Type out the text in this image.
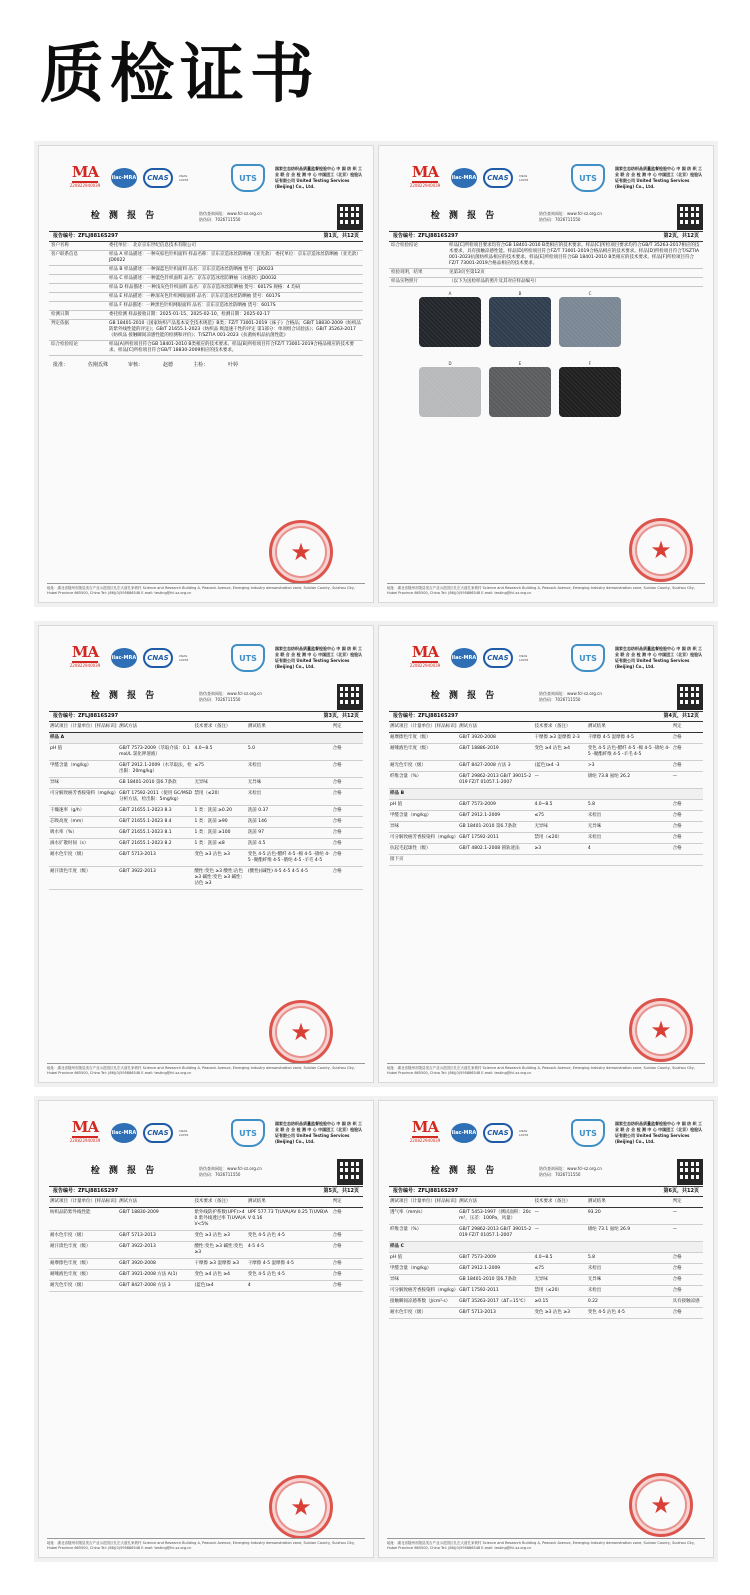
质检证书
MA
220822940039
ilac-MRA	CNAS	CNAS L0076	UTS
国家生态纺织品质量监督检验中心 中 国 纺 织 工 业 联 合 会 检 测 中 心 中国团工（北京）检验认证有限公司 United Testing Services (Beijing) Co., Ltd.
检 测 报 告	防伪查询网址：www.fcl-sz.org.cn
防伪码：7026711550
报告编号：ZFLJ8816S297	第1页，共12页
客户名称	委托单位： 北京京东世纪信息技术有限公司
客户联系信息	样品 A 样品描述：一种灰棕色针织面料 样品名称：京东京造冰丝防晒袖（亚光款） 委托单位：京东京造冰丝防晒袖（亚光款）JD0022
	样品 B 样品描述：一种深蓝色针织面料 品名：京东京造冰丝防晒袖 型号：JD0023
	样品 C 样品描述：一种蓝色针织面料 品名：京东京造冰丝防晒袖（冰感款）JD0032
	样品 D 样品描述：一种浅灰色针织面料 品名：京东京造冰丝防晒袖 货号：6017S 规格：4 均码
	样品 E 样品描述：一种深灰色针织网眼面料 品名：京东京造冰丝防晒袖 货号：6017S
	样品 F 样品描述：一种黑色针织网眼面料 品名：京东京造冰丝防晒袖 货号：6017S
检测日期	委托检测 样品接收日期：2025-01-15、2025-02-10，检测日期：2025-02-17
判定依据	GB 18401-2010《国家纺织产品基本安全技术规范》B类；FZ/T 73001-2019《袜子》合格品；GB/T 18830-2009《纺织品 防紫外线性能的评定》；GB/T 21655.1-2023《纺织品 吸湿速干性的评定 第1部分：单项组合试验法》；GB/T 35263-2017《纺织品 接触瞬间凉感性能的检测和评价》；T/SZTIA 001-2023《抗菌纺织品抗菌性能》
综合检验结论	样品[A]所检项目符合GB 18401-2010 B类相应的技术要求。样品[B]所检项目符合FZ/T 73001-2019合格品相应的技术要求。样品[C]所检项目符合GB/T 18830-2009相应的技术要求。
批准：	佐刚氐殊	审核：	赵德	主检：	叶婷
★
地址：湖北省随州市随县美吉产业示范园区孔庄大道孔家坡村 Science and Research Building A, Peacock Avenue, Emerging Industry demonstration zone, Suixian County, Suizhou City, Hubei Province 665500, China Tel: (86)(0)595886548 E-mail: testing@fcl-sz.org.cn
MA
220822940039
ilac-MRA	CNAS	CNAS L0076	UTS
国家生态纺织品质量监督检验中心 中 国 纺 织 工 业 联 合 会 检 测 中 心 中国团工（北京）检验认证有限公司 United Testing Services (Beijing) Co., Ltd.
检 测 报 告	防伪查询网址：www.fcl-sz.org.cn
防伪码：7026711550
报告编号：ZFLJ8816S297	第2页，共12页
综合检验结论	样品[C]所检项目要求均符合GB 18401-2010 B类相应的技术要求。样品[C]所检项目要求均符合GB/T 35263-2017相应的技术要求，具有接触凉感性能。样品[D]所检项目符合FZ/T 73001-2019合格品相应的技术要求。样品[D]所检项目符合T/SZTIA 001-2023抗菌纺织品相应的技术要求。样品[E]所检项目符合GB 18401-2010 B类相应的技术要求。样品[F]所检项目符合FZ/T 73001-2019合格品相应的技术要求。
检验说明，结果	见第3页至第12页
样品实物照片	（以下为送检样品的照片及其对应样品编号）
A	B	C
D	E	F
★
地址：湖北省随州市随县美吉产业示范园区孔庄大道孔家坡村 Science and Research Building A, Peacock Avenue, Emerging Industry demonstration zone, Suixian County, Suizhou City, Hubei Province 665500, China Tel: (86)(0)595886548 E-mail: testing@fcl-sz.org.cn
MA
220822940039
ilac-MRA	CNAS	CNAS L0076	UTS
国家生态纺织品质量监督检验中心 中 国 纺 织 工 业 联 合 会 检 测 中 心 中国团工（北京）检验认证有限公司 United Testing Services (Beijing) Co., Ltd.
检 测 报 告	防伪查询网址：www.fcl-sz.org.cn
防伪码：7026711550
报告编号：ZFLJ8816S297	第3页，共12页
测试项目（计量单位）[样品标识]	测试方法	技术要求（备注）	测试结果	判定
样品 A				
pH 值	GB/T 7573-2009（萃取介质：0.1mol/L 氯化钾溶液）	4.0~8.5	5.0	合格
甲醛含量（mg/kg）	GB/T 2912.1-2009（水萃取法，检出限：20mg/kg）	≤75	未检出	合格
异味	GB 18401-2010 第6.7条款	无异味	无异味	合格
可分解致癌芳香胺染料（mg/kg）	GB/T 17592-2011（使用 GC/MSD 分析方法，检出限：5mg/kg）	禁用（≤20）	未检出	合格
干燥速率（g/h）	GB/T 21655.1-2023 8.3	1 类：洗前 ≥0.20	洗前 0.37	合格
芯吸高度（mm）	GB/T 21655.1-2023 8.4	1 类：洗前 ≥90	洗前 146	合格
吸水率（%）	GB/T 21655.1-2023 8.1	1 类：洗前 ≥100	洗前 97	合格
滴水扩散时间（s）	GB/T 21655.1-2023 8.2	1 类：洗前 ≤8	洗前 4.5	合格
耐水色牢度（级）	GB/T 5713-2013	变色 ≥3 沾色 ≥3	变色 4-5 沾色-醋纤 4-5 -棉 4-5 -锦纶 4-5 -聚酯纤维 4-5 -腈纶 4-5 -羊毛 4-5	合格
耐汗渍色牢度（级）	GB/T 3922-2013	酸性:变色 ≥3 酸性:沾色 ≥3 碱性:变色 ≥3 碱性:沾色 ≥3	(酸性)(碱性) 4-5 4-5 4-5 4-5	合格
★
地址：湖北省随州市随县美吉产业示范园区孔庄大道孔家坡村 Science and Research Building A, Peacock Avenue, Emerging Industry demonstration zone, Suixian County, Suizhou City, Hubei Province 665500, China Tel: (86)(0)595886548 E-mail: testing@fcl-sz.org.cn
MA
220822940039
ilac-MRA	CNAS	CNAS L0076	UTS
国家生态纺织品质量监督检验中心 中 国 纺 织 工 业 联 合 会 检 测 中 心 中国团工（北京）检验认证有限公司 United Testing Services (Beijing) Co., Ltd.
检 测 报 告	防伪查询网址：www.fcl-sz.org.cn
防伪码：7026711550
报告编号：ZFLJ8816S297	第4页，共12页
测试项目（计量单位）[样品标识]	测试方法	技术要求（备注）	测试结果	判定
耐摩擦色牢度（级）	GB/T 3920-2008	干摩擦 ≥3 湿摩擦 2-3	干摩擦 4-5 湿摩擦 4-5	合格
耐唾液色牢度（级）	GB/T 18886-2019	变色 ≥4 沾色 ≥4	变色 4-5 沾色-醋纤 4-5 -棉 4-5 -锦纶 4-5 -聚酯纤维 4-5 -羊毛 4-5	合格
耐光色牢度（级）	GB/T 8427-2008 方法 3	(蓝色)≥4 -3	>3	合格
纤维含量（%）	GB/T 29862-2013 GB/T 39015-2019 FZ/T 01057.1-2007	—	锦纶 73.8 氨纶 26.2	—
样品 B				
pH 值	GB/T 7573-2009	4.0~8.5	5.8	合格
甲醛含量（mg/kg）	GB/T 2912.1-2009	≤75	未检出	合格
异味	GB 18401-2010 第6.7条款	无异味	无异味	合格
可分解致癌芳香胺染料（mg/kg）	GB/T 17592-2011	禁用（≤20）	未检出	合格
抗起毛起球性（级）	GB/T 4802.1-2008 圆轨迹法	≥3	4	合格
接下页				
★
地址：湖北省随州市随县美吉产业示范园区孔庄大道孔家坡村 Science and Research Building A, Peacock Avenue, Emerging Industry demonstration zone, Suixian County, Suizhou City, Hubei Province 665500, China Tel: (86)(0)595886548 E-mail: testing@fcl-sz.org.cn
MA
220822940039
ilac-MRA	CNAS	CNAS L0076	UTS
国家生态纺织品质量监督检验中心 中 国 纺 织 工 业 联 合 会 检 测 中 心 中国团工（北京）检验认证有限公司 United Testing Services (Beijing) Co., Ltd.
检 测 报 告	防伪查询网址：www.fcl-sz.org.cn
防伪码：7026711550
报告编号：ZFLJ8816S297	第5页，共12页
测试项目（计量单位）[样品标识]	测试方法	技术要求（备注）	测试结果	判定
纺织品防紫外线性能	GB/T 18830-2009	紫外线防护系数(UPF)>40 紫外线透过率 T(UVA)AV<5%	UPF 577.73 T(UVA)AV 0.25 T(UVB)AV 0.16	合格
耐水色牢度（级）	GB/T 5713-2013	变色 ≥3 沾色 ≥3	变色 4-5 沾色 4-5	合格
耐汗渍色牢度（级）	GB/T 3922-2013	酸性:变色 ≥3 碱性:变色 ≥3	4-5 4-5	合格
耐摩擦色牢度（级）	GB/T 3920-2008	干摩擦 ≥3 湿摩擦 ≥3	干摩擦 4-5 湿摩擦 4-5	合格
耐唾液色牢度（级）	GB/T 3921-2008 方法 A(1)	变色 ≥4 沾色 ≥4	变色 4-5 沾色 4-5	合格
耐光色牢度（级）	GB/T 8427-2008 方法 3	(蓝色)≥4	4	合格
★
地址：湖北省随州市随县美吉产业示范园区孔庄大道孔家坡村 Science and Research Building A, Peacock Avenue, Emerging Industry demonstration zone, Suixian County, Suizhou City, Hubei Province 665500, China Tel: (86)(0)595886548 E-mail: testing@fcl-sz.org.cn
MA
220822940039
ilac-MRA	CNAS	CNAS L0076	UTS
国家生态纺织品质量监督检验中心 中 国 纺 织 工 业 联 合 会 检 测 中 心 中国团工（北京）检验认证有限公司 United Testing Services (Beijing) Co., Ltd.
检 测 报 告	防伪查询网址：www.fcl-sz.org.cn
防伪码：7026711550
报告编号：ZFLJ8816S297	第6页，共12页
测试项目（计量单位）[样品标识]	测试方法	技术要求（备注）	测试结果	判定
透气率（mm/s）	GB/T 5453-1997（测试面积：20cm²，压差：100Pa，风量）	—	93.20	—
纤维含量（%）	GB/T 29862-2013 GB/T 39015-2019 FZ/T 01057.1-2007	—	锦纶 73.1 氨纶 26.9	—
样品 C				
pH 值	GB/T 7573-2009	4.0~8.5	5.8	合格
甲醛含量（mg/kg）	GB/T 2912.1-2009	≤75	未检出	合格
异味	GB 18401-2010 第6.7条款	无异味	无异味	合格
可分解致癌芳香胺染料（mg/kg）	GB/T 17592-2011	禁用（≤20）	未检出	合格
接触瞬间凉感系数（J/cm²·s）	GB/T 35263-2017（ΔT=15℃）	≥0.15	0.22	具有接触凉感
耐水色牢度（级）	GB/T 5713-2013	变色 ≥3 沾色 ≥3	变色 4-5 沾色 4-5	合格
★
地址：湖北省随州市随县美吉产业示范园区孔庄大道孔家坡村 Science and Research Building A, Peacock Avenue, Emerging Industry demonstration zone, Suixian County, Suizhou City, Hubei Province 665500, China Tel: (86)(0)595886548 E-mail: testing@fcl-sz.org.cn
